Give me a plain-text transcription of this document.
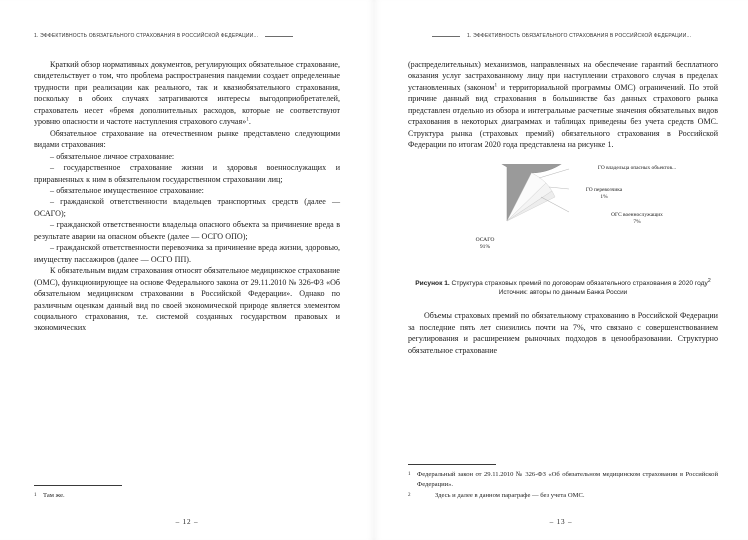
1. ЭФФЕКТИВНОСТЬ ОБЯЗАТЕЛЬНОГО СТРАХОВАНИЯ В РОССИЙСКОЙ ФЕДЕРАЦИИ...

Краткий обзор нормативных документов, регулирующих обязательное страхование, свидетельствует о том, что проблема распространения пандемии создает определенные трудности при реализации как реального, так и квазиобязательного страхования, поскольку в обоих случаях затрагиваются интересы выгодоприобретателей, страхователь несет «бремя дополнительных расходов, которые не соответствуют уровню опасности и частоте наступления страхового случая»$^1$.

Обязательное страхование на отечественном рынке представлено следующими видами страхования:

– обязательное личное страхование:

– государственное страхование жизни и здоровья военнослужащих и приравненных к ним в обязательном государственном страховании лиц;

– обязательное имущественное страхование:

– гражданской ответственности владельцев транспортных средств (далее — ОСАГО);

– гражданской ответственности владельца опасного объекта за причинение вреда в результате аварии на опасном объекте (далее — ОСГО ОПО);

– гражданской ответственности перевозчика за причинение вреда жизни, здоровью, имуществу пассажиров (далее — ОСГО ПП).

К обязательным видам страхования относят обязательное медицинское страхование (ОМС), функционирующее на основе Федерального закона от 29.11.2010 № 326-ФЗ «Об обязательном медицинском страховании в Российской Федерации». Однако по различным оценкам данный вид по своей экономической природе является элементом социального страхования, т.е. системой созданных государством правовых и экономических

1 Там же.
– 12 –
1. ЭФФЕКТИВНОСТЬ ОБЯЗАТЕЛЬНОГО СТРАХОВАНИЯ В РОССИЙСКОЙ ФЕДЕРАЦИИ...

(распределительных) механизмов, направленных на обеспечение гарантий бесплатного оказания услуг застрахованному лицу при наступлении страхового случая в пределах установленных (законом$^1$ и территориальной программы ОМС) ограничений. По этой причине данный вид страхования в большинстве баз данных страхового рынка представлен отдельно из обзора и интегральные расчетные значения обязательных видов страхования в некоторых диаграммах и таблицах приведены без учета средств ОМС. Структура рынка (страховых премий) обязательного страхования в Российской Федерации по итогам 2020 года представлена на рисунке 1.

ОСАГО
91%
ГО владельца опасных объектов...
ГО перевозчика
1%
ОГС военнослужащих
7%
Рисунок 1. Структура страховых премий по договорам обязательного страхования в 2020 году$^2$
Источник: авторы по данным Банка России

Объемы страховых премий по обязательному страхованию в Российской Федерации за последние пять лет снизились почти на 7%, что связано с совершенствованием регулирования и расширением рыночных подходов в ценообразовании. Структурно обязательное страхование

1 Федеральный закон от 29.11.2010 № 326-ФЗ «Об обязательном медицинском страховании в Российской Федерации».
2	Здесь и далее в данном параграфе — без учета ОМС.
– 13 –
